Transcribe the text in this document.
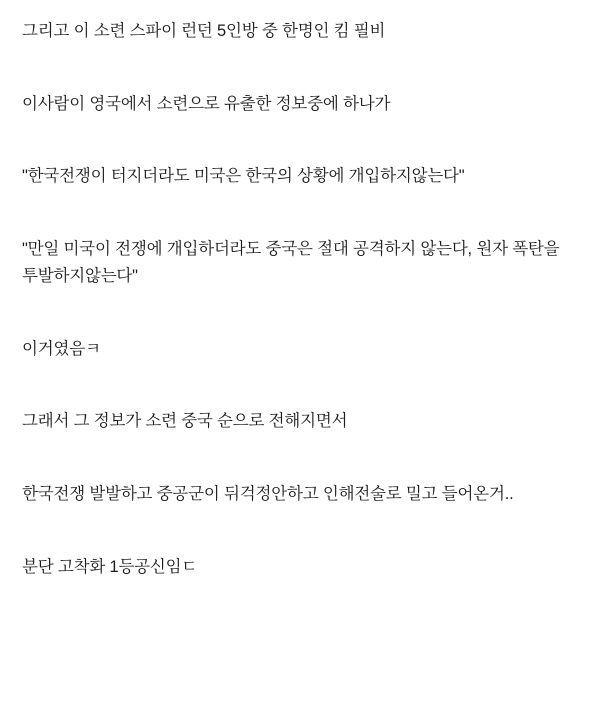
그리고 이 소련 스파이 런던 5인방 중 한명인 킴 필비

이사람이 영국에서 소련으로 유출한 정보중에 하나가

"한국전쟁이 터지더라도 미국은 한국의 상황에 개입하지않는다"

"만일 미국이 전쟁에 개입하더라도 중국은 절대 공격하지 않는다, 원자 폭탄을 투발하지않는다"

이거였음ㅋ

그래서 그 정보가 소련 중국 순으로 전해지면서

한국전쟁 발발하고 중공군이 뒤걱정안하고 인해전술로 밀고 들어온거..

분단 고착화 1등공신임ㄷ
